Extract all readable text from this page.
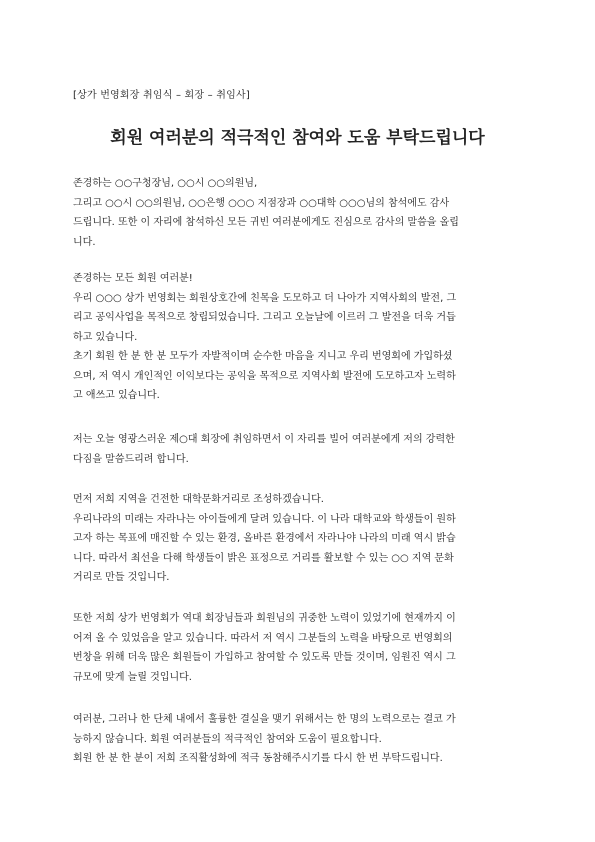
[상가 번영회장 취임식 – 회장 – 취임사]
회원 여러분의 적극적인 참여와 도움 부탁드립니다
존경하는 ○○구청장님, ○○시 ○○의원님,
그리고 ○○시 ○○의원님, ○○은행 ○○○ 지점장과 ○○대학 ○○○님의 참석에도 감사
드립니다. 또한 이 자리에 참석하신 모든 귀빈 여러분에게도 진심으로 감사의 말씀을 올립
니다.
존경하는 모든 회원 여러분!
우리 ○○○ 상가 번영회는 회원상호간에 친목을 도모하고 더 나아가 지역사회의 발전, 그
리고 공익사업을 목적으로 창립되었습니다. 그리고 오늘날에 이르러 그 발전을 더욱 거듭
하고 있습니다.
초기 회원 한 분 한 분 모두가 자발적이며 순수한 마음을 지니고 우리 번영회에 가입하셨
으며, 저 역시 개인적인 이익보다는 공익을 목적으로 지역사회 발전에 도모하고자 노력하
고 애쓰고 있습니다.
저는 오늘 영광스러운 제○대 회장에 취임하면서 이 자리를 빌어 여러분에게 저의 강력한
다짐을 말씀드리려 합니다.
먼저 저희 지역을 건전한 대학문화거리로 조성하겠습니다.
우리나라의 미래는 자라나는 아이들에게 달려 있습니다. 이 나라 대학교와 학생들이 원하
고자 하는 목표에 매진할 수 있는 환경, 올바른 환경에서 자라나야 나라의 미래 역시 밝습
니다. 따라서 최선을 다해 학생들이 밝은 표정으로 거리를 활보할 수 있는 ○○ 지역 문화
거리로 만들 것입니다.
또한 저희 상가 번영회가 역대 회장님들과 회원님의 귀중한 노력이 있었기에 현재까지 이
어져 올 수 있었음을 알고 있습니다. 따라서 저 역시 그분들의 노력을 바탕으로 번영회의
번창을 위해 더욱 많은 회원들이 가입하고 참여할 수 있도록 만들 것이며, 임원진 역시 그
규모에 맞게 늘릴 것입니다.
여러분, 그러나 한 단체 내에서 훌륭한 결실을 맺기 위해서는 한 명의 노력으로는 결코 가
능하지 않습니다. 회원 여러분들의 적극적인 참여와 도움이 필요합니다.
회원 한 분 한 분이 저희 조직활성화에 적극 동참해주시기를 다시 한 번 부탁드립니다.
